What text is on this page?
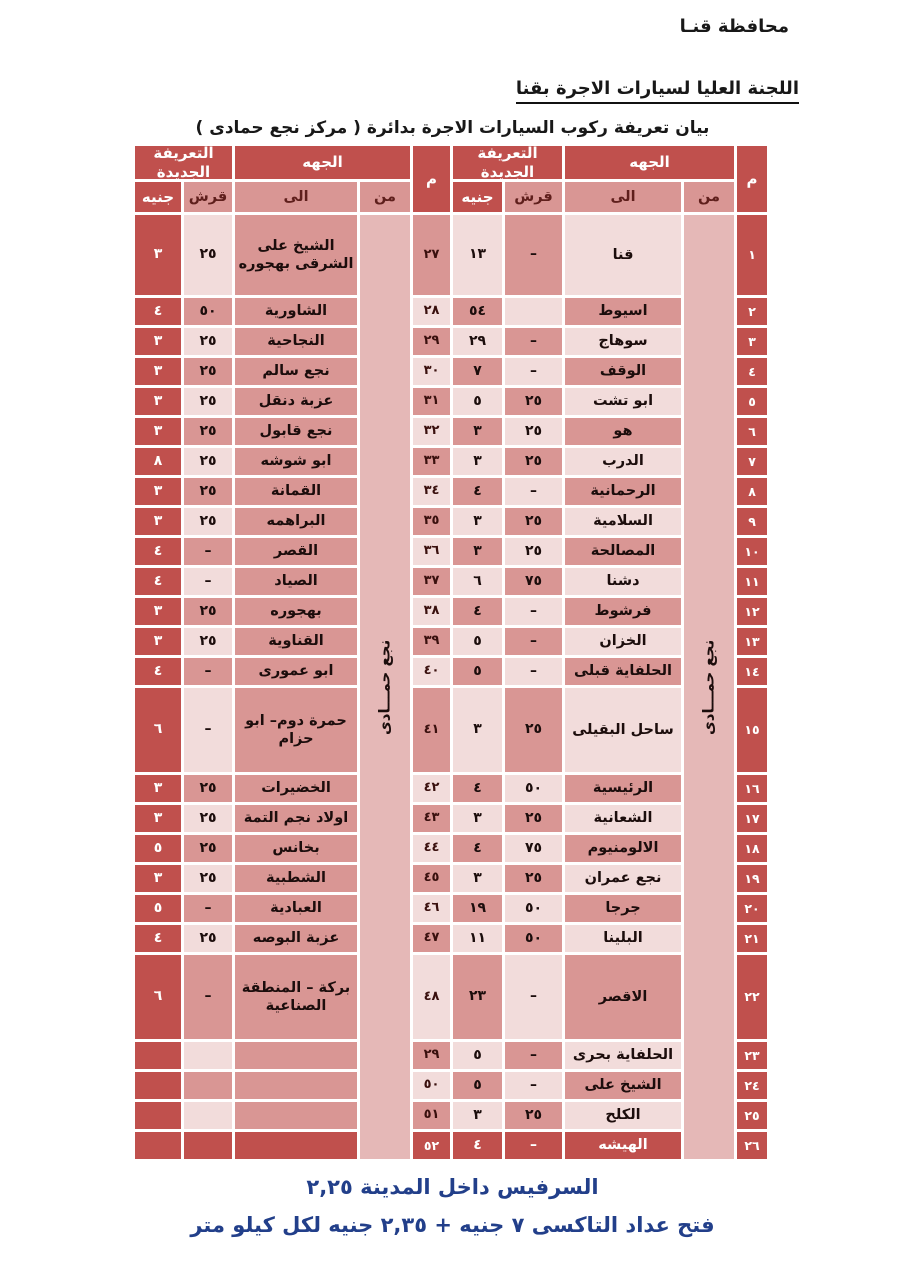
محافظة قنـا

اللجنة العليا لسيارات الاجرة بقنا
بيان تعريفة ركوب السيارات الاجرة بدائرة ( مركز نجع حمادى )
م
الجهه
التعريفة الجديدة
م
الجهه
التعريفة الجديدة
من
الى
قرش
جنيه
من
الى
قرش
جنيه
١
نجع حمـــادى
قنا
–
١٣
٢٧
نجع حمـــادى
الشيخ على الشرقى بهجوره
٢٥
٣
٢
اسيوط
٥٤
٢٨
الشاورية
٥٠
٤
٣
سوهاج
–
٢٩
٢٩
النجاحية
٢٥
٣
٤
الوقف
–
٧
٣٠
نجع سالم
٢٥
٣
٥
ابو تشت
٢٥
٥
٣١
عزبة دنقل
٢٥
٣
٦
هو
٢٥
٣
٣٢
نجع قابول
٢٥
٣
٧
الدرب
٢٥
٣
٣٣
ابو شوشه
٢٥
٨
٨
الرحمانية
–
٤
٣٤
القمانة
٢٥
٣
٩
السلامية
٢٥
٣
٣٥
البراهمه
٢٥
٣
١٠
المصالحة
٢٥
٣
٣٦
القصر
–
٤
١١
دشنا
٧٥
٦
٣٧
الصياد
–
٤
١٢
فرشوط
–
٤
٣٨
بهجوره
٢٥
٣
١٣
الخزان
–
٥
٣٩
القناوية
٢٥
٣
١٤
الحلفاية قبلى
–
٥
٤٠
ابو عمورى
–
٤
١٥
ساحل البقيلى
٢٥
٣
٤١
حمرة دوم– ابو حزام
–
٦
١٦
الرئيسية
٥٠
٤
٤٢
الخضيرات
٢٥
٣
١٧
الشعانية
٢٥
٣
٤٣
اولاد نجم التمة
٢٥
٣
١٨
الالومنيوم
٧٥
٤
٤٤
بخانس
٢٥
٥
١٩
نجع عمران
٢٥
٣
٤٥
الشطبية
٢٥
٣
٢٠
جرجا
٥٠
١٩
٤٦
العبادية
–
٥
٢١
البلينا
٥٠
١١
٤٧
عزبة البوصه
٢٥
٤
٢٢
الاقصر
–
٢٣
٤٨
بركة – المنطقة الصناعية
–
٦
٢٣
الحلفاية بحرى
–
٥
٢٩
٢٤
الشيخ على
–
٥
٥٠
٢٥
الكلح
٢٥
٣
٥١
٢٦
الهيشه
–
٤
٥٢
السرفيس داخل المدينة ٢,٢٥
فتح عداد التاكسى ٧ جنيه + ٢,٣٥ جنيه لكل كيلو متر
